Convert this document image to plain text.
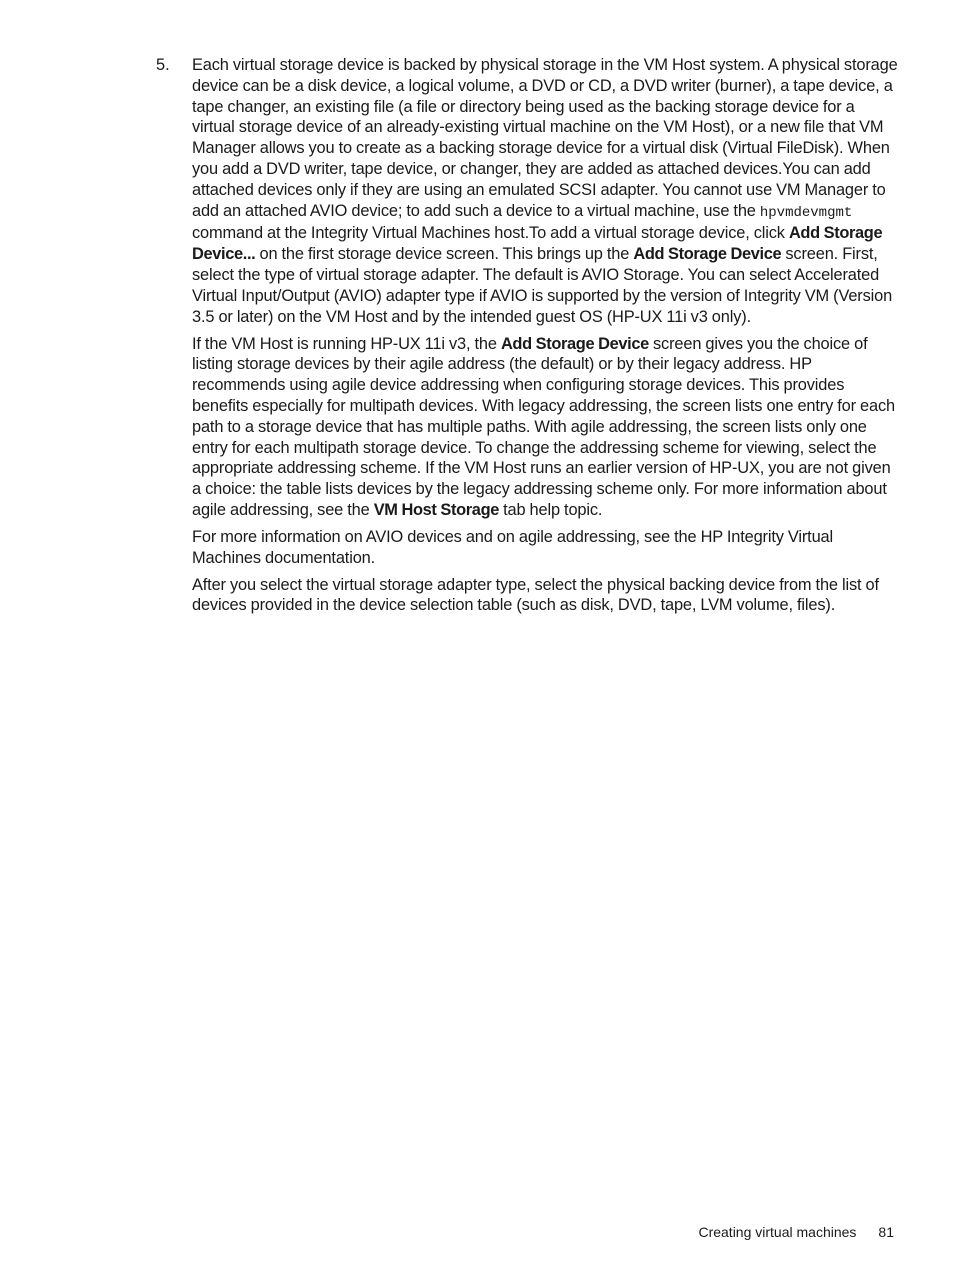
5. Each virtual storage device is backed by physical storage in the VM Host system. A physical storage device can be a disk device, a logical volume, a DVD or CD, a DVD writer (burner), a tape device, a tape changer, an existing file (a file or directory being used as the backing storage device for a virtual storage device of an already-existing virtual machine on the VM Host), or a new file that VM Manager allows you to create as a backing storage device for a virtual disk (Virtual FileDisk). When you add a DVD writer, tape device, or changer, they are added as attached devices.You can add attached devices only if they are using an emulated SCSI adapter. You cannot use VM Manager to add an attached AVIO device; to add such a device to a virtual machine, use the hpvmdevmgmt command at the Integrity Virtual Machines host.To add a virtual storage device, click Add Storage Device... on the first storage device screen. This brings up the Add Storage Device screen. First, select the type of virtual storage adapter. The default is AVIO Storage. You can select Accelerated Virtual Input/Output (AVIO) adapter type if AVIO is supported by the version of Integrity VM (Version 3.5 or later) on the VM Host and by the intended guest OS (HP-UX 11i v3 only).

If the VM Host is running HP-UX 11i v3, the Add Storage Device screen gives you the choice of listing storage devices by their agile address (the default) or by their legacy address. HP recommends using agile device addressing when configuring storage devices. This provides benefits especially for multipath devices. With legacy addressing, the screen lists one entry for each path to a storage device that has multiple paths. With agile addressing, the screen lists only one entry for each multipath storage device. To change the addressing scheme for viewing, select the appropriate addressing scheme. If the VM Host runs an earlier version of HP-UX, you are not given a choice: the table lists devices by the legacy addressing scheme only. For more information about agile addressing, see the VM Host Storage tab help topic.

For more information on AVIO devices and on agile addressing, see the HP Integrity Virtual Machines documentation.

After you select the virtual storage adapter type, select the physical backing device from the list of devices provided in the device selection table (such as disk, DVD, tape, LVM volume, files).

Creating virtual machines 81
